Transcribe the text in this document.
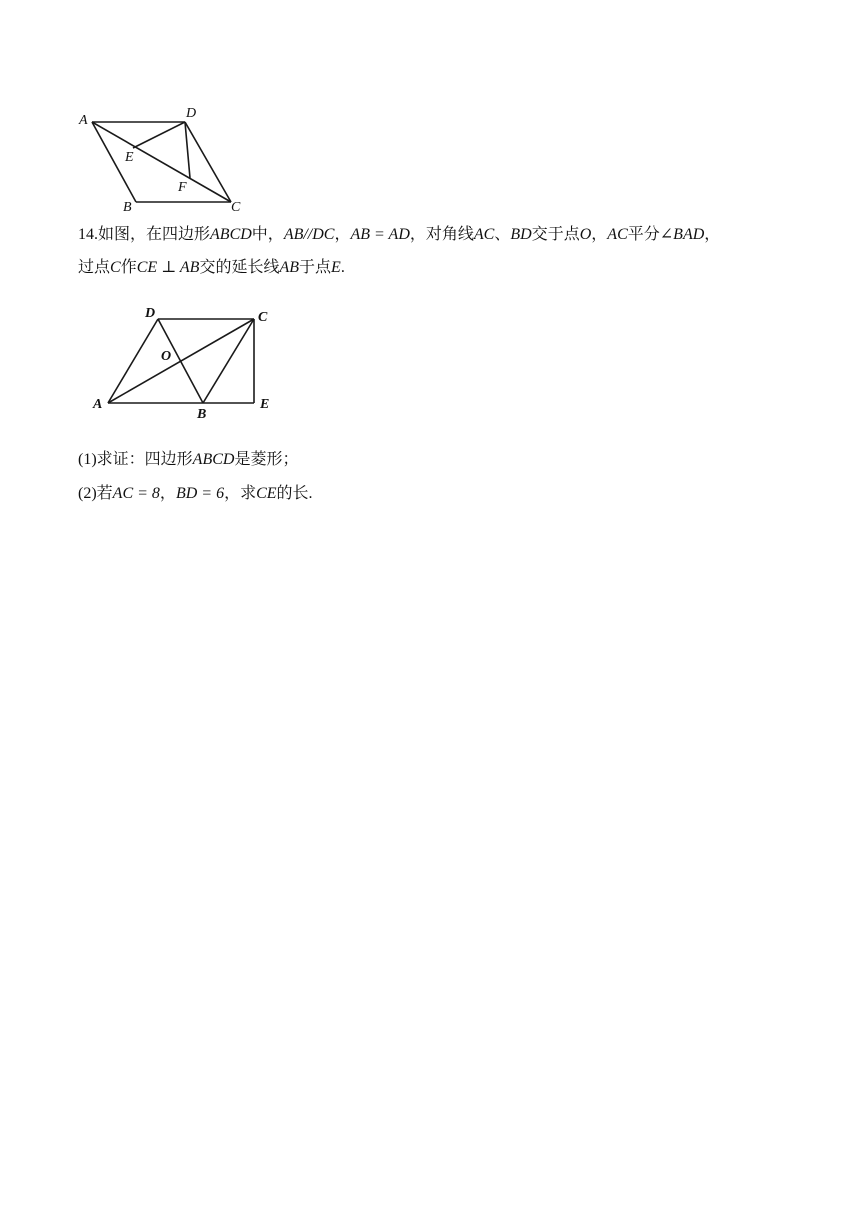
A	D
E
F
B	C
14.如图，在四边形ABCD中，AB//DC，AB = AD，对角线AC、BD交于点O，AC平分∠BAD，
过点C作CE ⊥ AB交的延长线AB于点E.
D	C
O
A
B
E
(1)求证：四边形ABCD是菱形；
(2)若AC = 8，BD = 6，求CE的长.
